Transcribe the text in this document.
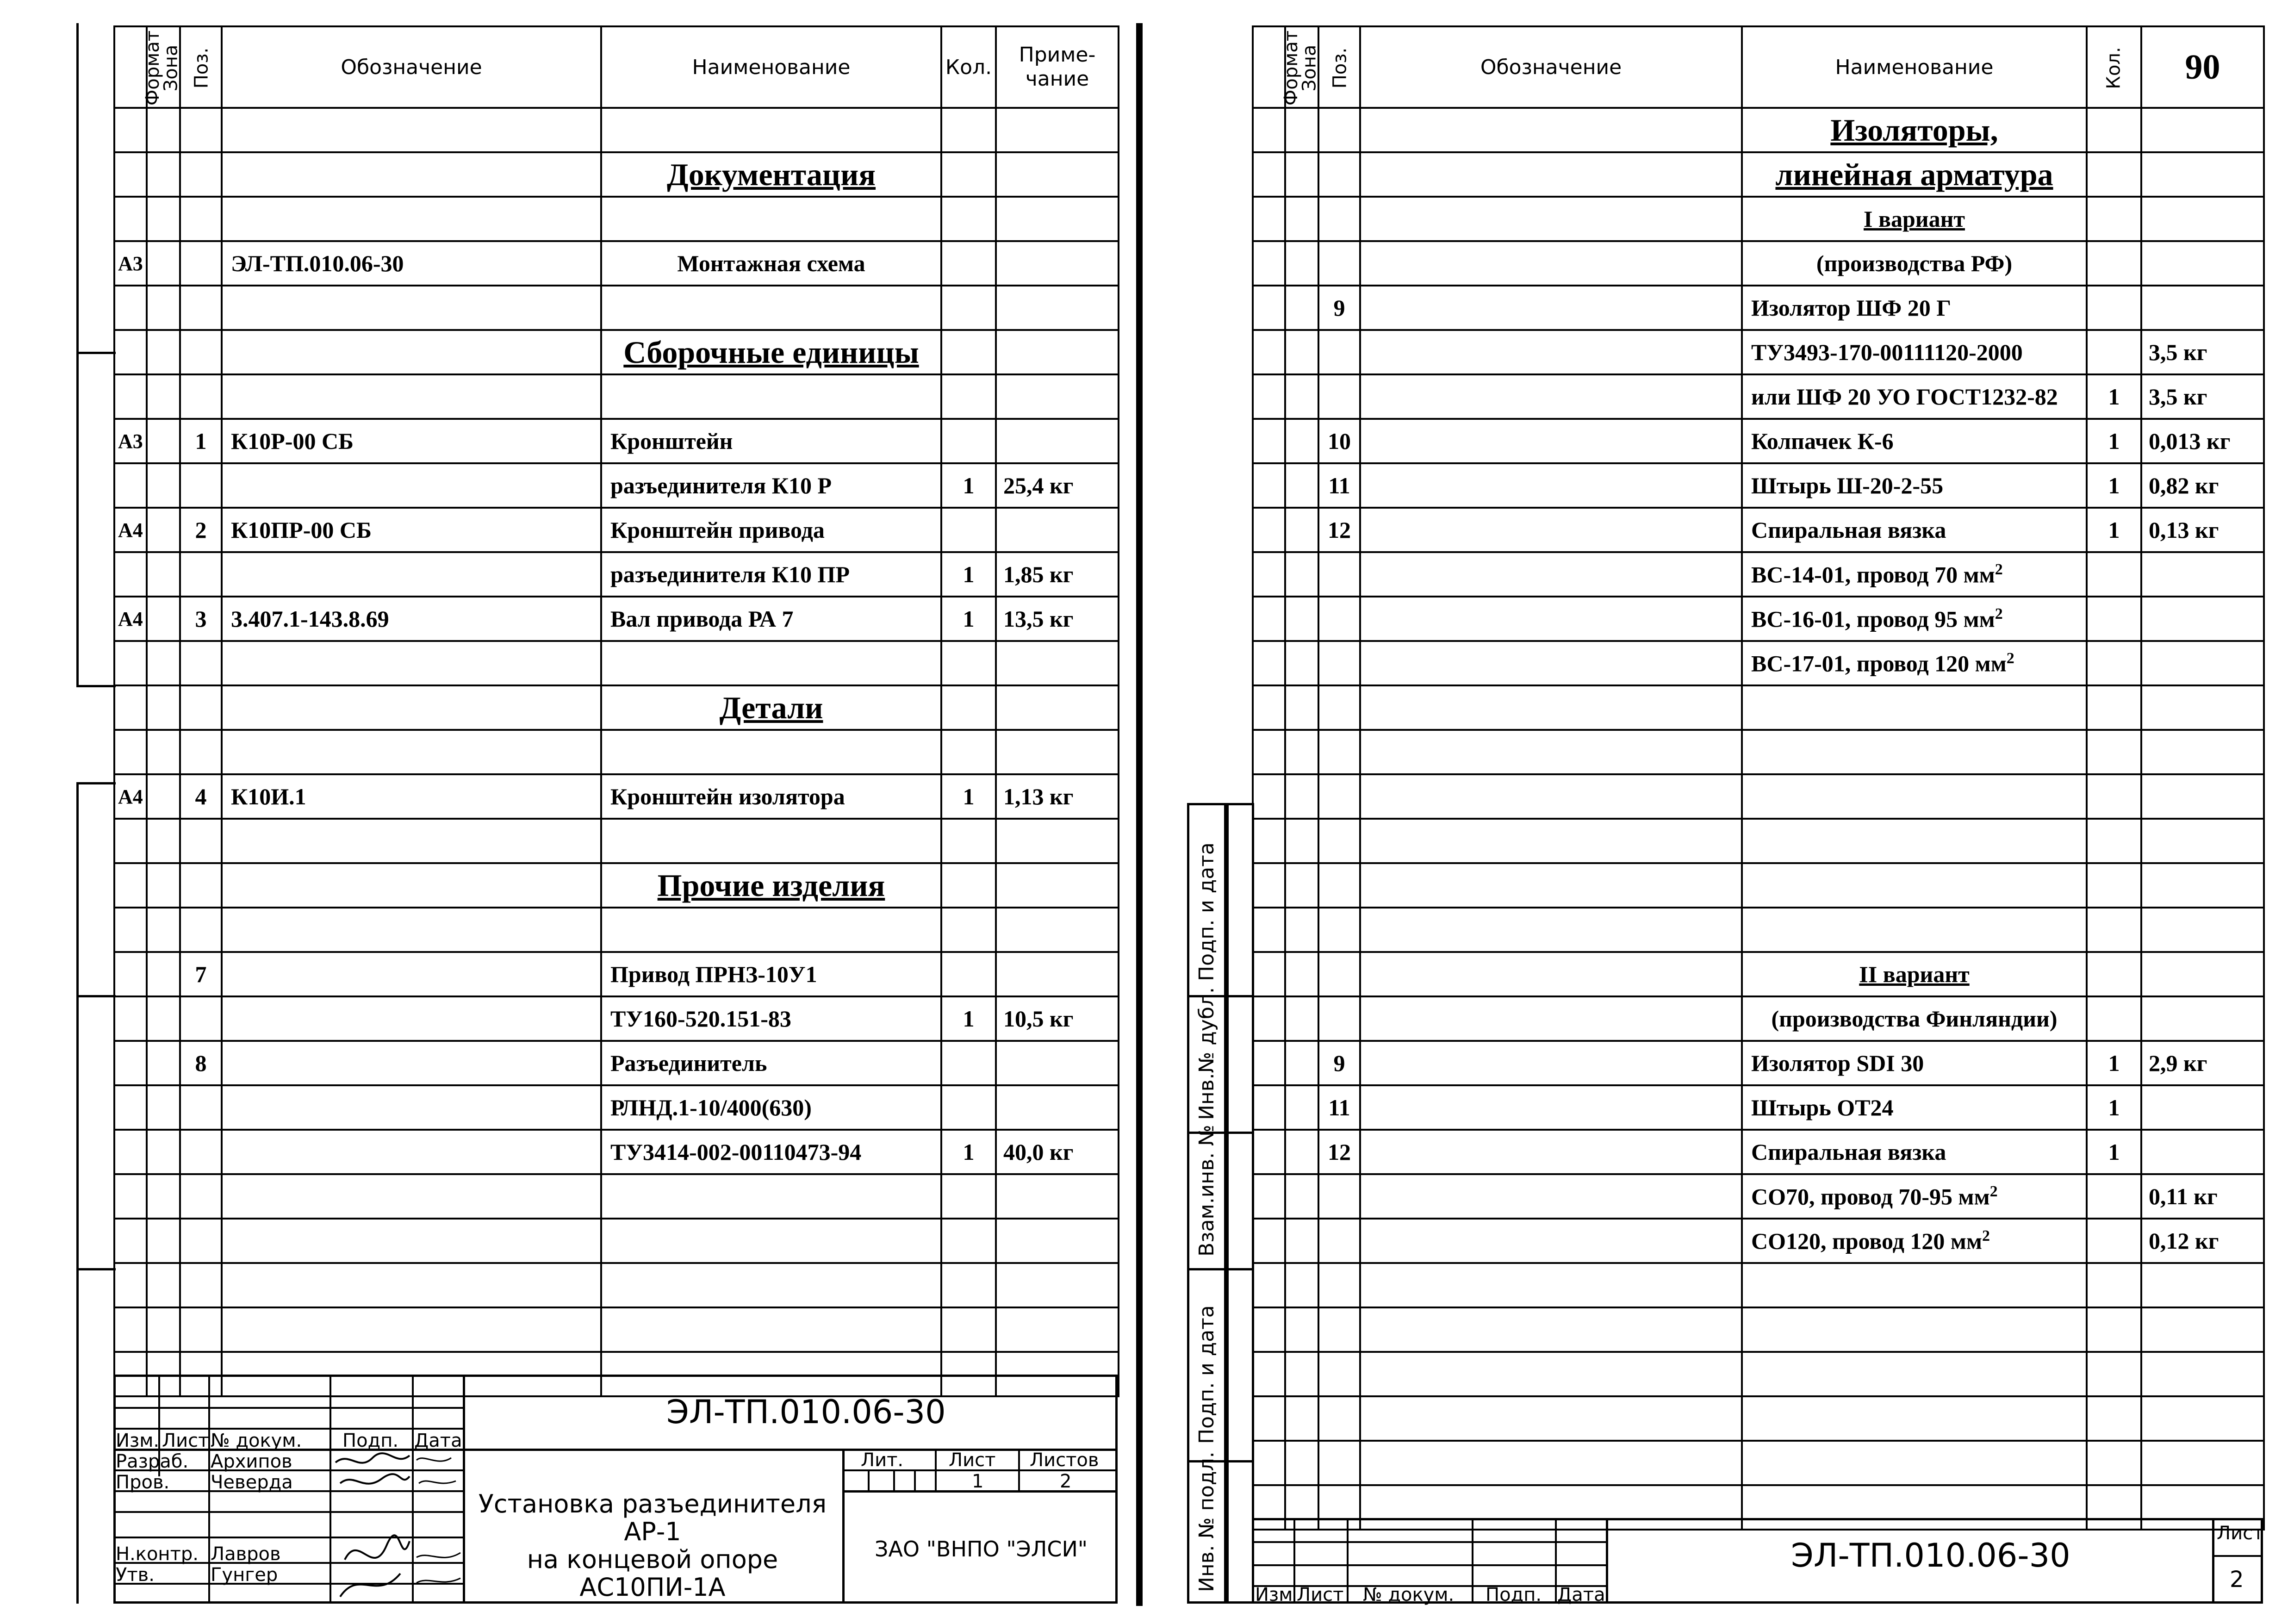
Формат	Зона	Поз.	Обозначение	Наименование	Кол.	Приме-
чание

				Документация		

А3			ЭЛ-ТП.010.06-30	Монтажная схема		

				Сборочные единицы		

А3		1	К10Р-00 СБ	Кронштейн		
				разъединителя К10 Р	1	25,4 кг
А4		2	К10ПР-00 СБ	Кронштейн привода		
				разъединителя К10 ПР	1	1,85 кг
А4		3	3.407.1-143.8.69	Вал привода РА 7	1	13,5 кг

				Детали		

А4		4	К10И.1	Кронштейн изолятора	1	1,13 кг

				Прочие изделия		

		7		Привод ПРНЗ-10У1		
				ТУ160-520.151-83	1	10,5 кг
		8		Разъединитель		
				РЛНД.1-10/400(630)		
				ТУ3414-002-00110473-94	1	40,0 кг

ЭЛ-ТП.010.06-30
Изм. Лист № докум. Подп. Дата
Разраб. Архипов
Пров. Чеверда
Н.контр. Лавров
Утв.	Гунгер
Установка разъединителя АР-1
на концевой опоре
АС10ПИ-1А
Лит. Лист Листов
1	2
ЗАО "ВНПО "ЭЛСИ"
Подп. и дата
Инв.№ дубл.
Взам.инв. №
Подп. и дата
Инв. № подл.
Формат	Зона	Поз.	Обозначение	Наименование	Кол.	90
				Изоляторы,		
				линейная арматура		
				I вариант		
				(производства РФ)		
		9		Изолятор ШФ 20 Г		
				ТУ3493-170-00111120-2000		3,5 кг
				или ШФ 20 УО ГОСТ1232-82	1	3,5 кг
		10		Колпачек К-6	1	0,013 кг
		11		Штырь Ш-20-2-55	1	0,82 кг
		12		Спиральная вязка	1	0,13 кг
				ВС-14-01, провод 70 $мм^2$		
				ВС-16-01, провод 95 $мм^2$		
				ВС-17-01, провод 120 $мм^2$		

				II вариант		
				(производства Финляндии)		
		9		Изолятор SDI 30	1	2,9 кг
		11		Штырь ОТ24	1	
		12		Спиральная вязка	1	
				СО70, провод 70-95 $мм^2$		0,11 кг
				СО120, провод 120 $мм^2$		0,12 кг

Изм Лист № докум. Подп. Дата
ЭЛ-ТП.010.06-30
Лист
2
